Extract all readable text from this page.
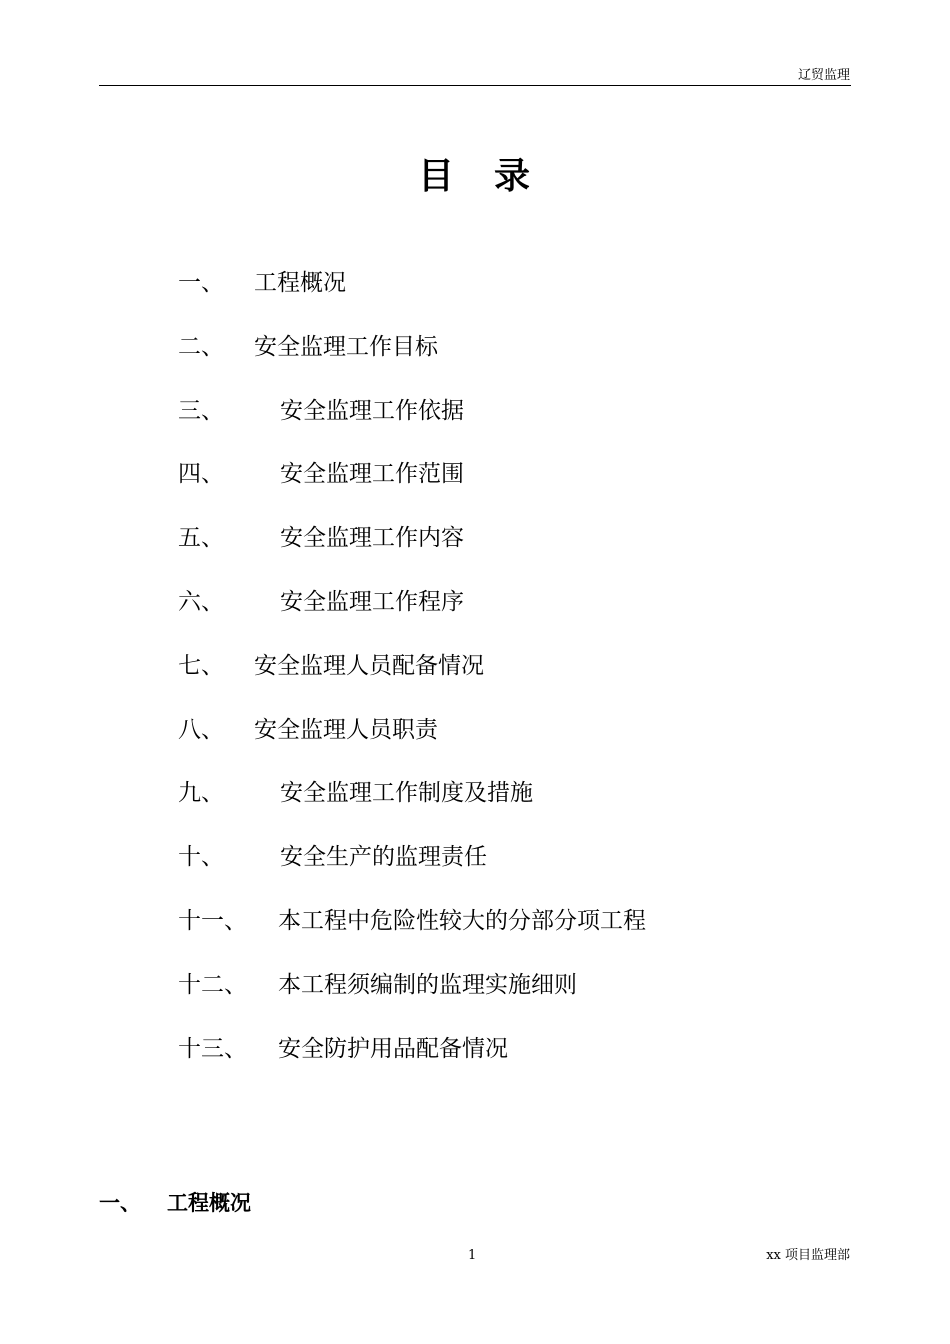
辽贸监理
目　录
一、 工程概况
二、 安全监理工作目标
三、 安全监理工作依据
四、 安全监理工作范围
五、 安全监理工作内容
六、 安全监理工作程序
七、 安全监理人员配备情况
八、 安全监理人员职责
九、 安全监理工作制度及措施
十、 安全生产的监理责任
十一、 本工程中危险性较大的分部分项工程
十二、 本工程须编制的监理实施细则
十三、 安全防护用品配备情况
一、 工程概况
1	xx 项目监理部
